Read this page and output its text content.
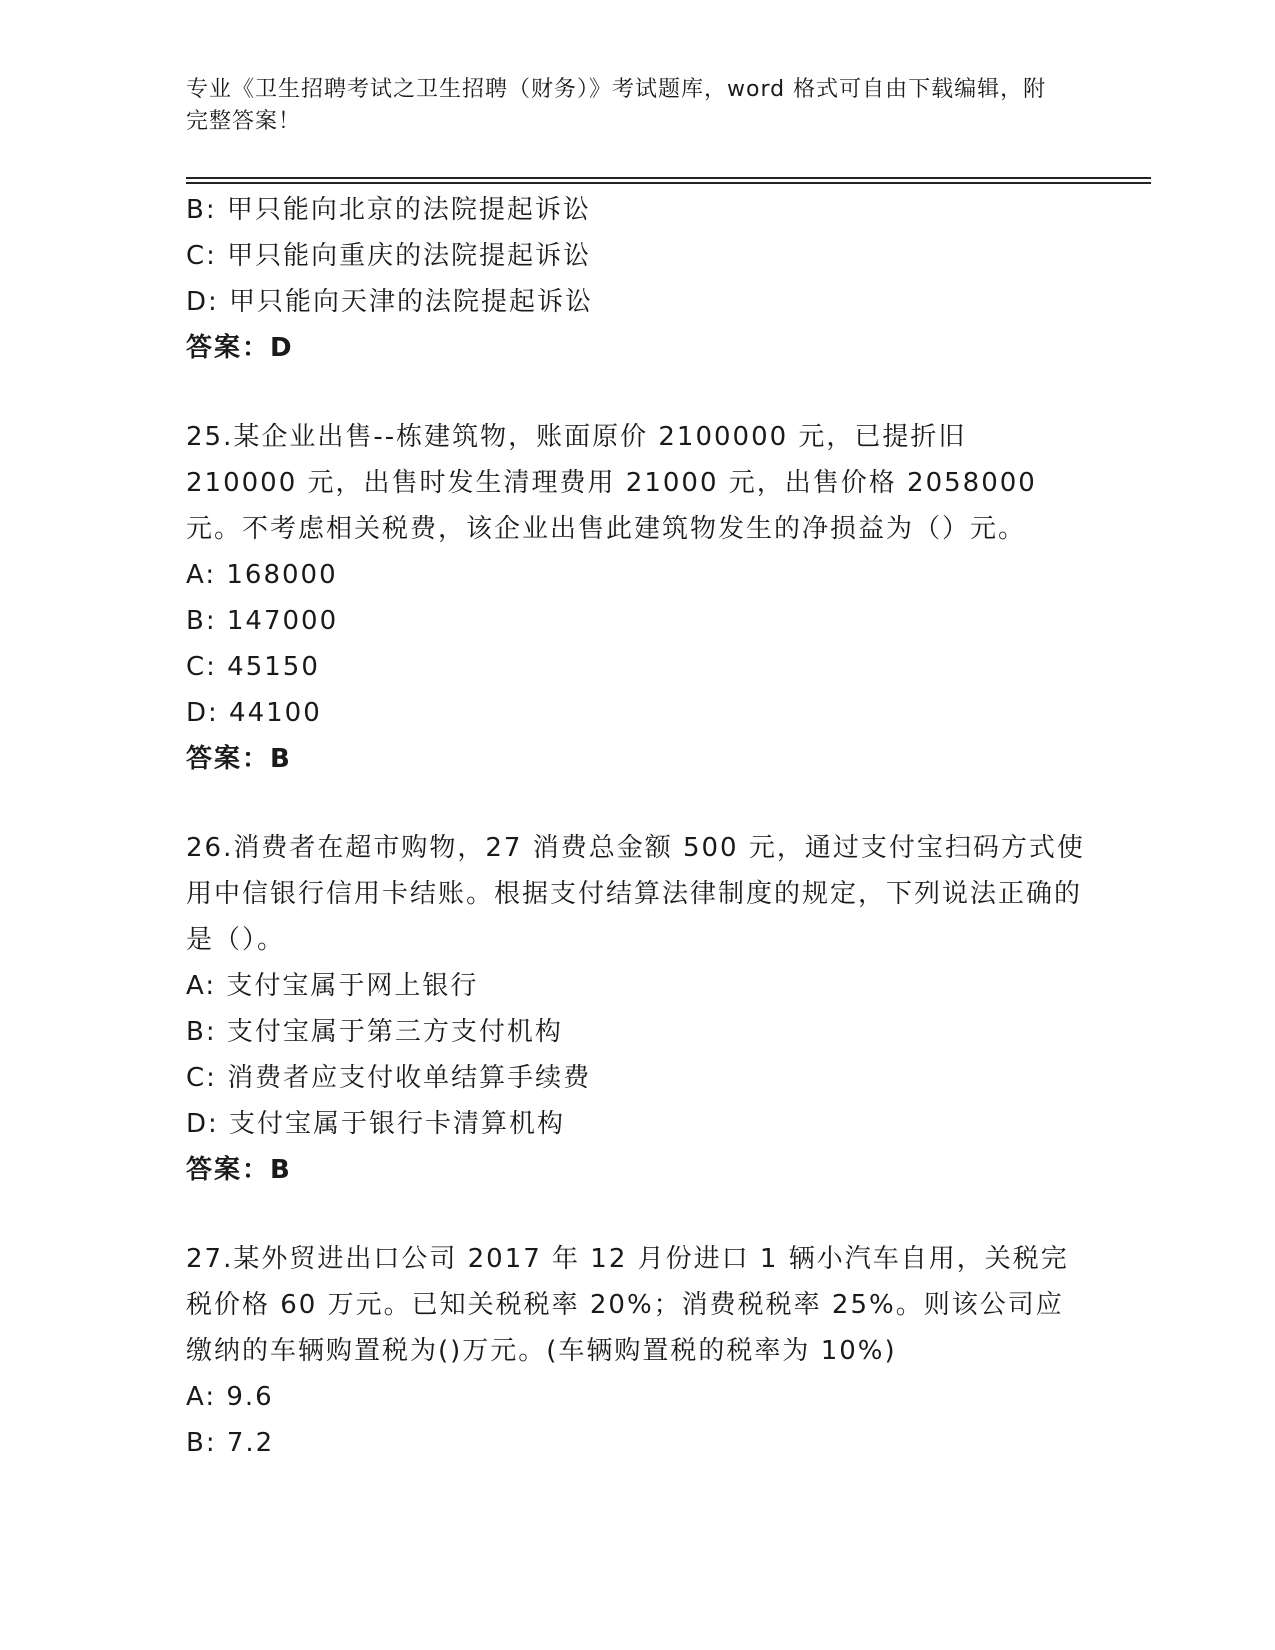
专业《卫生招聘考试之卫生招聘（财务）》考试题库，word 格式可自由下载编辑，附完整答案！
B: 甲只能向北京的法院提起诉讼
C: 甲只能向重庆的法院提起诉讼
D: 甲只能向天津的法院提起诉讼
答案：D
25.某企业出售--栋建筑物，账面原价 2100000 元，已提折旧 210000 元，出售时发生清理费用 21000 元，出售价格 2058000 元。不考虑相关税费，该企业出售此建筑物发生的净损益为（）元。
A: 168000
B: 147000
C: 45150
D: 44100
答案：B
26.消费者在超市购物，27 消费总金额 500 元，通过支付宝扫码方式使用中信银行信用卡结账。根据支付结算法律制度的规定，下列说法正确的是（）。
A: 支付宝属于网上银行
B: 支付宝属于第三方支付机构
C: 消费者应支付收单结算手续费
D: 支付宝属于银行卡清算机构
答案：B
27.某外贸进出口公司 2017 年 12 月份进口 1 辆小汽车自用，关税完税价格 60 万元。已知关税税率 20%；消费税税率 25%。则该公司应缴纳的车辆购置税为()万元。(车辆购置税的税率为 10%)
A: 9.6
B: 7.2
